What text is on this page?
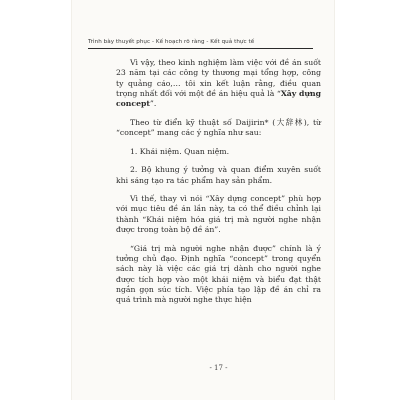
Trình bày thuyết phục - Kế hoạch rõ ràng - Kết quả thực tế

Vì vậy, theo kinh nghiệm làm việc với đề án suốt 23 năm tại các công ty thương mại tổng hợp, công ty quảng cáo,… tôi xin kết luận rằng, điều quan trọng nhất đối với một đề án hiệu quả là “Xây dựng concept”.

Theo từ điển kỹ thuật số Daijirin* (大辞林), từ “concept” mang các ý nghĩa như sau:

1. Khái niệm. Quan niệm.

2. Bộ khung ý tưởng và quan điểm xuyên suốt khi sáng tạo ra tác phẩm hay sản phẩm.

Vì thế, thay vì nói “Xây dựng concept” phù hợp với mục tiêu đề án lần này, ta có thể điều chỉnh lại thành “Khái niệm hóa giá trị mà người nghe nhận được trong toàn bộ đề án”.

“Giá trị mà người nghe nhận được” chính là ý tưởng chủ đạo. Định nghĩa “concept” trong quyển sách này là việc các giá trị dành cho người nghe được tích hợp vào một khái niệm và biểu đạt thật ngắn gọn súc tích. Việc phía tạo lập đề án chỉ ra quá trình mà người nghe thực hiện

- 17 -
